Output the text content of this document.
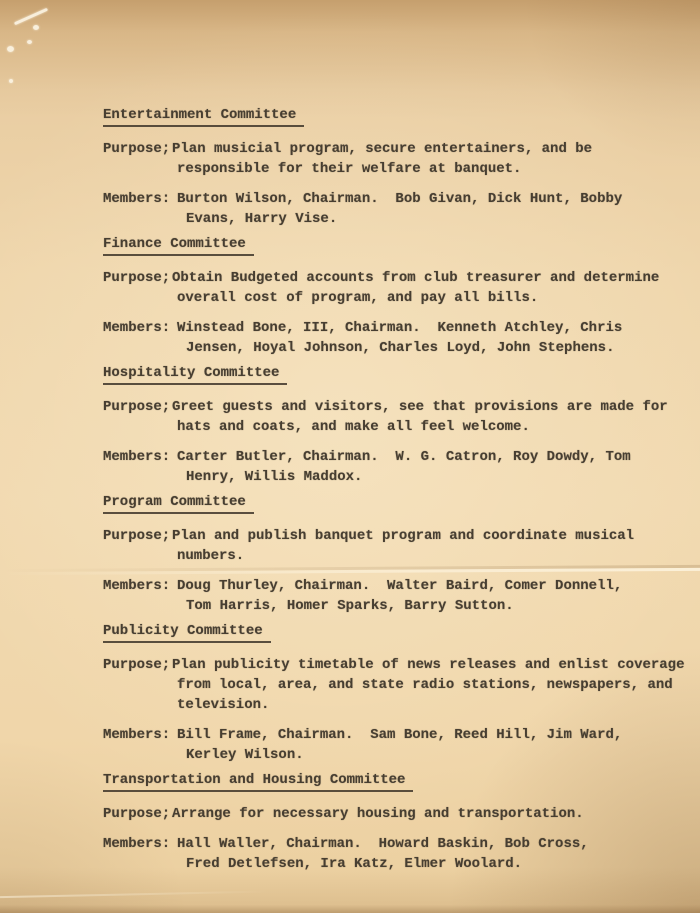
Entertainment Committee
Purpose; Plan musicial program, secure entertainers, and be
responsible for their welfare at banquet.
Members: Burton Wilson, Chairman.  Bob Givan, Dick Hunt, Bobby
Evans, Harry Vise.
Finance Committee
Purpose; Obtain Budgeted accounts from club treasurer and determine
overall cost of program, and pay all bills.
Members: Winstead Bone, III, Chairman.  Kenneth Atchley, Chris
Jensen, Hoyal Johnson, Charles Loyd, John Stephens.
Hospitality Committee
Purpose; Greet guests and visitors, see that provisions are made for
hats and coats, and make all feel welcome.
Members: Carter Butler, Chairman.  W. G. Catron, Roy Dowdy, Tom
Henry, Willis Maddox.
Program Committee
Purpose; Plan and publish banquet program and coordinate musical
numbers.
Members: Doug Thurley, Chairman.  Walter Baird, Comer Donnell,
Tom Harris, Homer Sparks, Barry Sutton.
Publicity Committee
Purpose; Plan publicity timetable of news releases and enlist coverage
from local, area, and state radio stations, newspapers, and
television.
Members: Bill Frame, Chairman.  Sam Bone, Reed Hill, Jim Ward,
Kerley Wilson.
Transportation and Housing Committee
Purpose; Arrange for necessary housing and transportation.
Members: Hall Waller, Chairman.  Howard Baskin, Bob Cross,
Fred Detlefsen, Ira Katz, Elmer Woolard.
